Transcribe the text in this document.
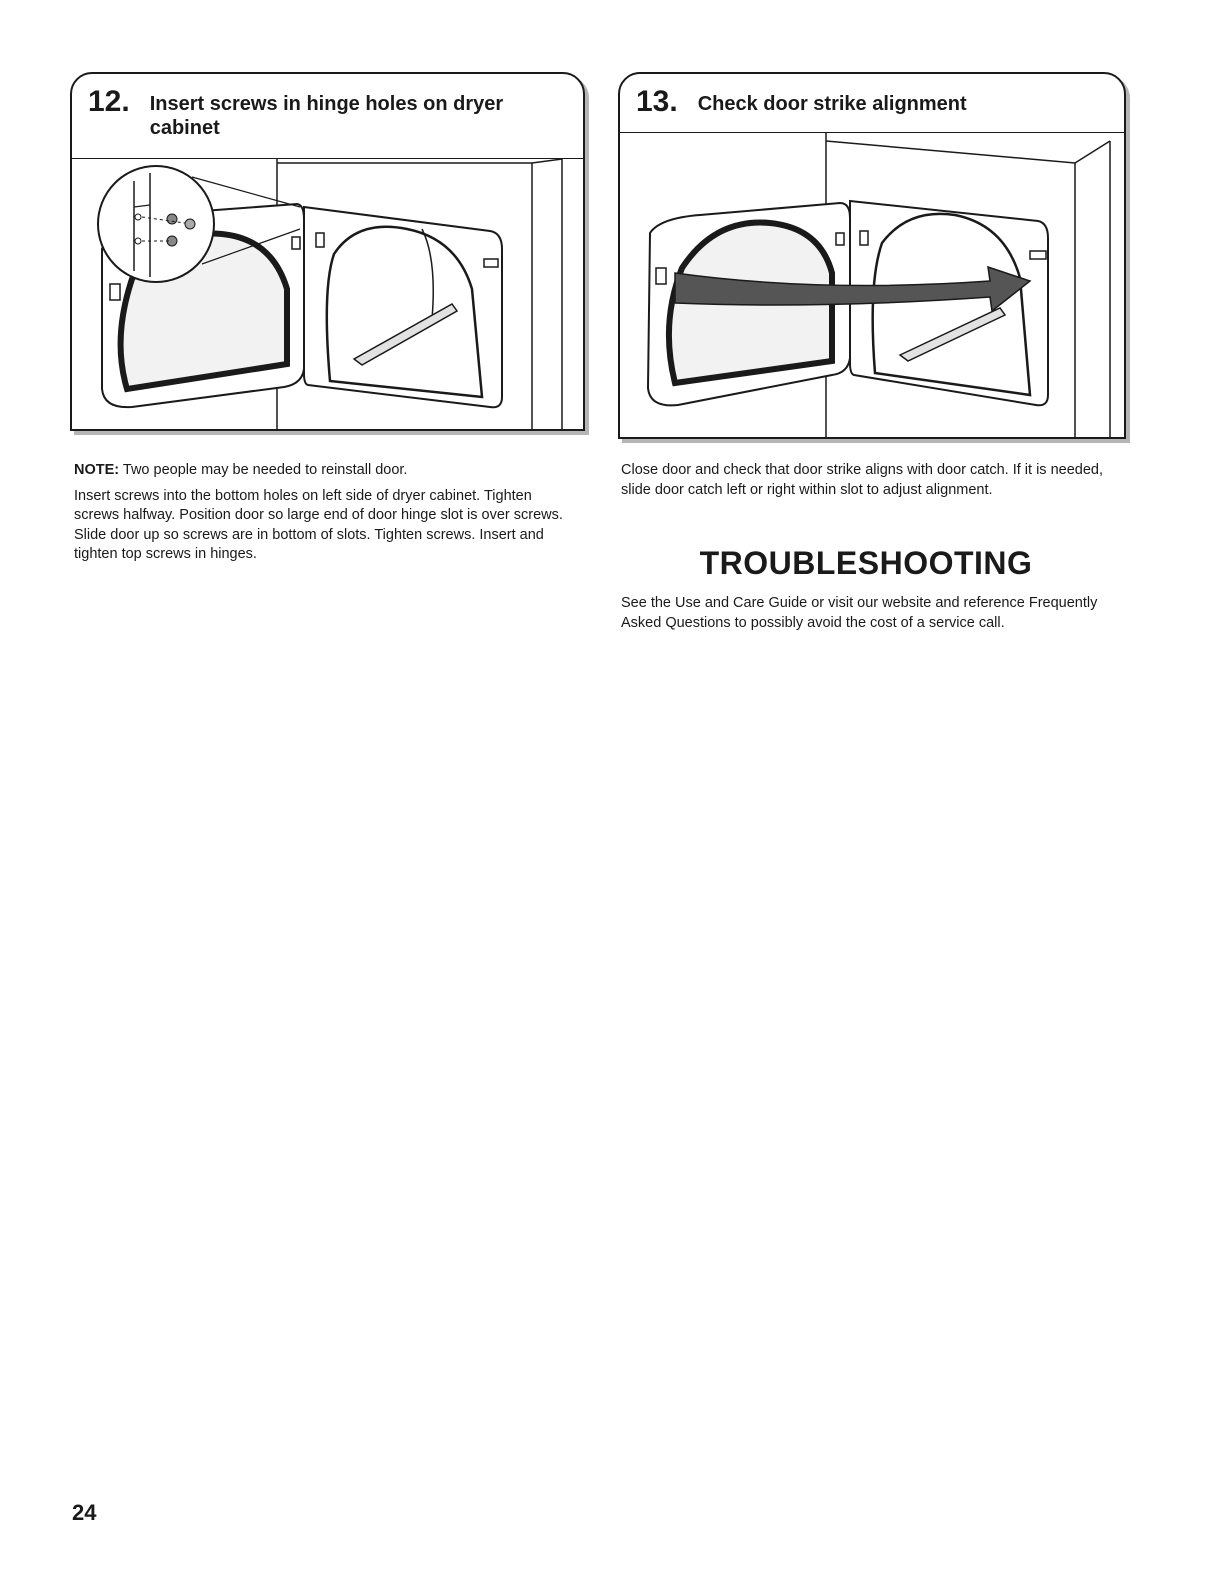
12. Insert screws in hinge holes on dryer cabinet
13. Check door strike alignment

NOTE: Two people may be needed to reinstall door.

Insert screws into the bottom holes on left side of dryer cabinet. Tighten screws halfway. Position door so large end of door hinge slot is over screws. Slide door up so screws are in bottom of slots. Tighten screws. Insert and tighten top screws in hinges.

Close door and check that door strike aligns with door catch. If it is needed, slide door catch left or right within slot to adjust alignment.

TROUBLESHOOTING
See the Use and Care Guide or visit our website and reference Frequently Asked Questions to possibly avoid the cost of a service call.
24
